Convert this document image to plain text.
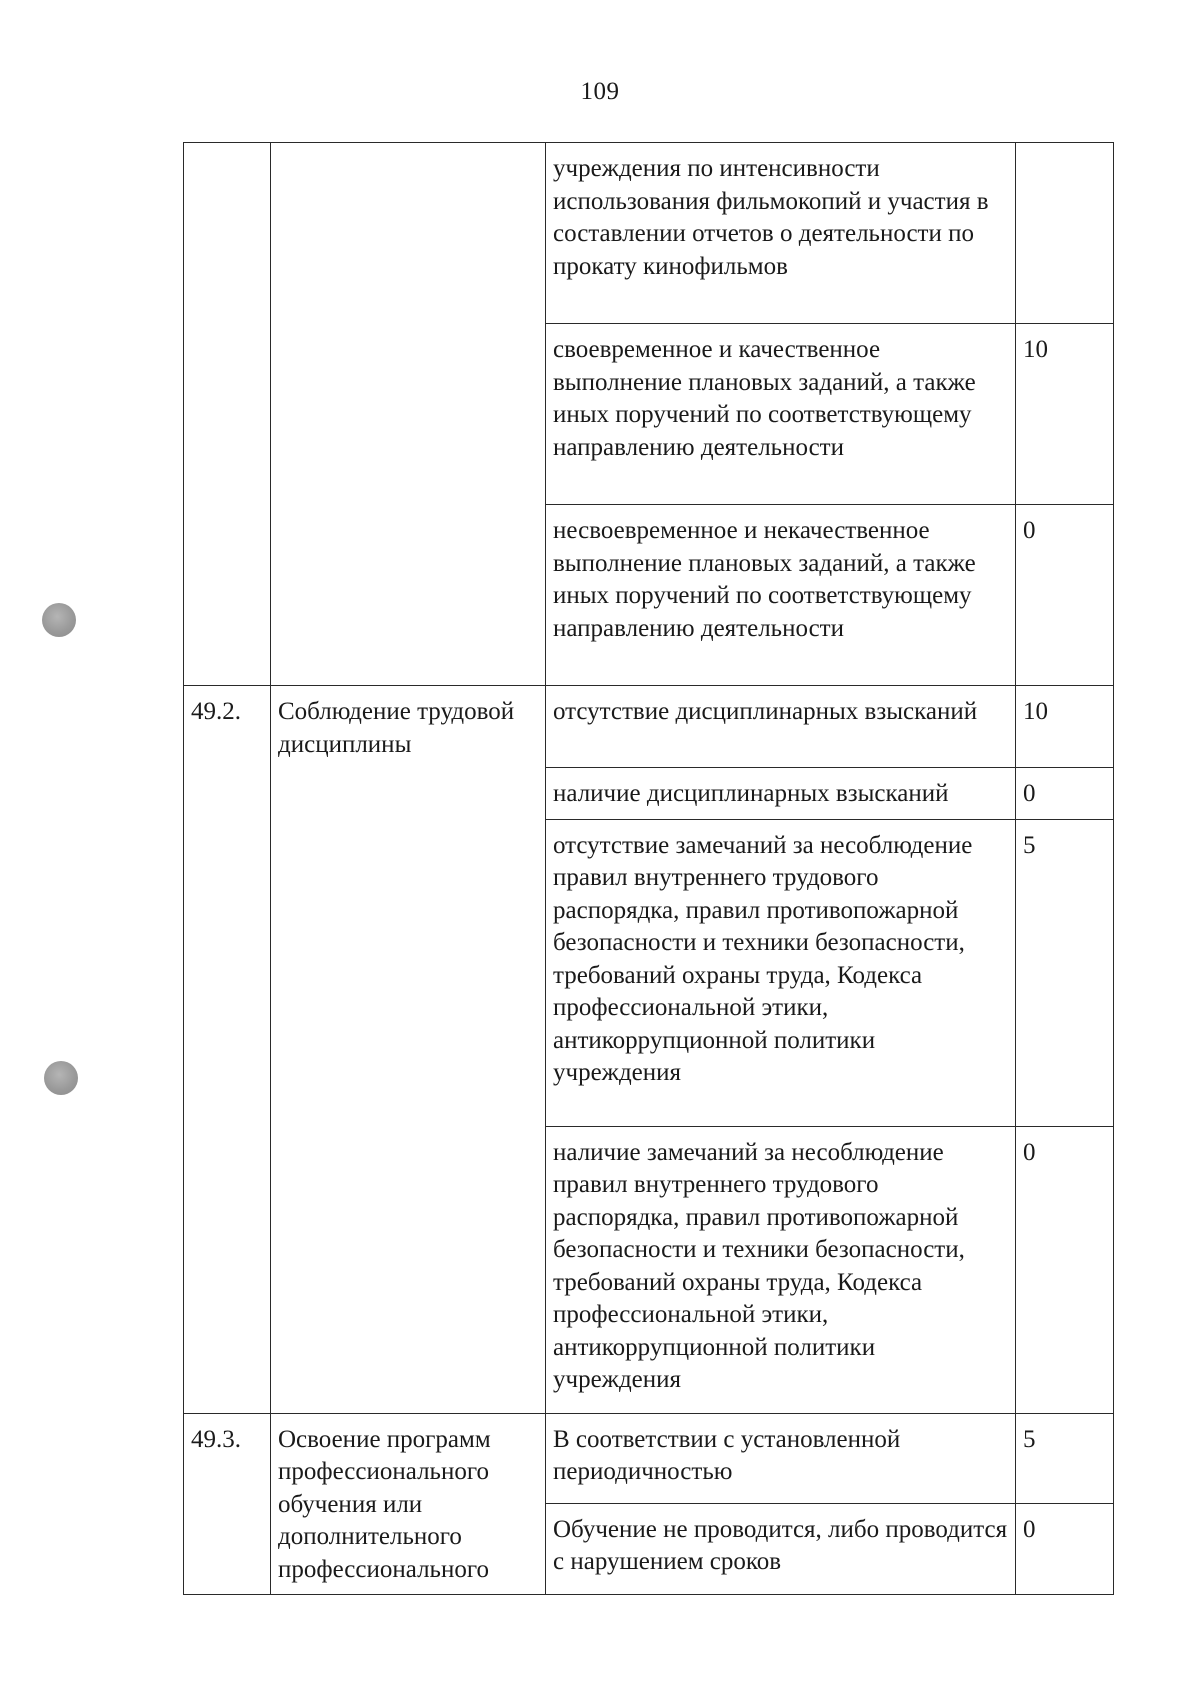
109
		учреждения по интенсивности использования фильмокопий и участия в составлении отчетов о деятельности по прокату кинофильмов	
		своевременное и качественное выполнение плановых заданий, а также иных поручений по соответствующему направлению деятельности	10
		несвоевременное и некачественное выполнение плановых заданий, а также иных поручений по соответствующему направлению деятельности	0
49.2.	Соблюдение трудовой дисциплины	отсутствие дисциплинарных взысканий	10
		наличие дисциплинарных взысканий	0
		отсутствие замечаний за несоблюдение правил внутреннего трудового распорядка, правил противопожарной безопасности и техники безопасности, требований охраны труда, Кодекса профессиональной этики, антикоррупционной политики учреждения	5
		наличие замечаний за несоблюдение правил внутреннего трудового распорядка, правил противопожарной безопасности и техники безопасности, требований охраны труда, Кодекса профессиональной этики, антикоррупционной политики учреждения	0
49.3.	Освоение программ профессионального обучения или дополнительного профессионального	В соответствии с установленной периодичностью	5
		Обучение не проводится, либо проводится с нарушением сроков	0
